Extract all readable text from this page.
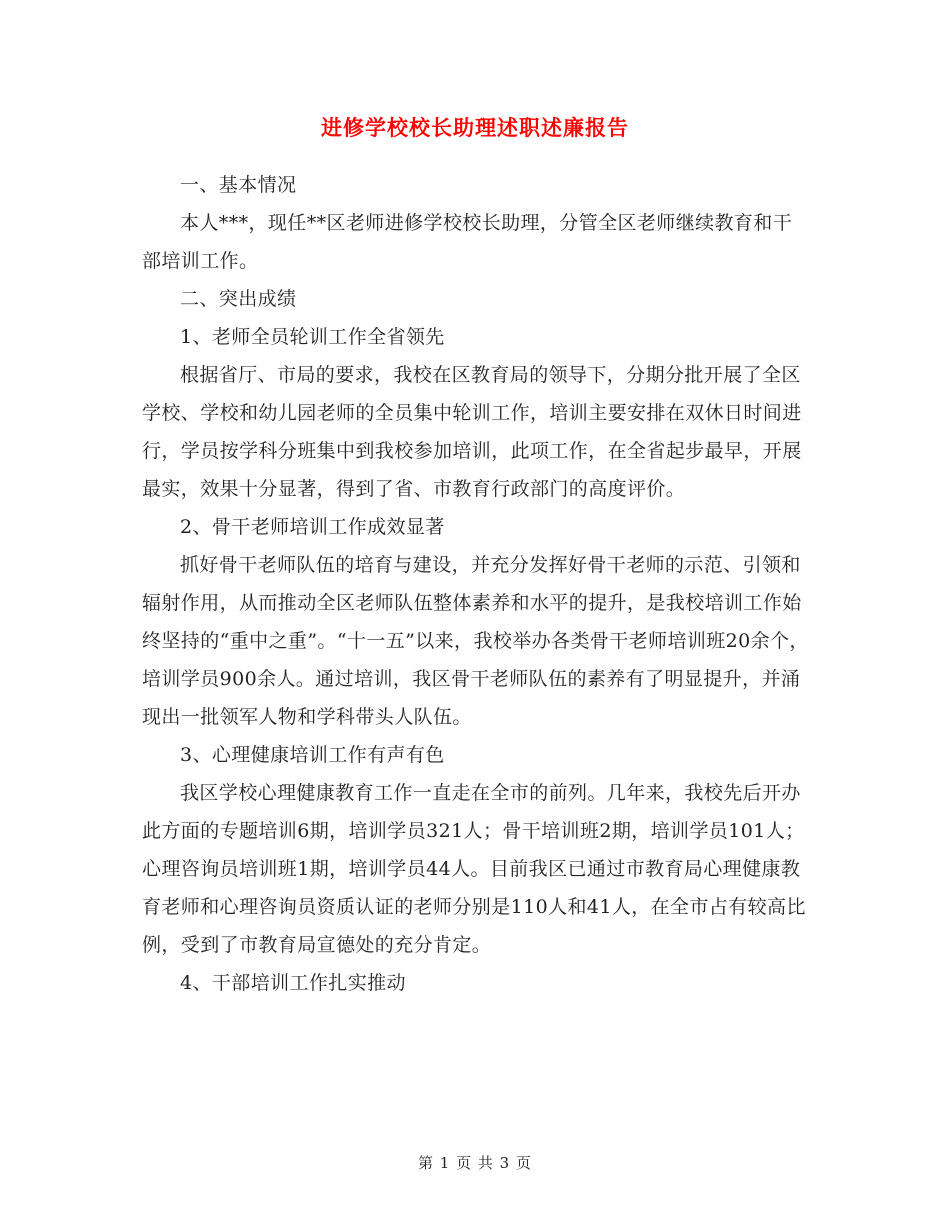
进修学校校长助理述职述廉报告

一、基本情况

本人***，现任**区老师进修学校校长助理，分管全区老师继续教育和干部培训工作。

二、突出成绩

1、老师全员轮训工作全省领先

根据省厅、市局的要求，我校在区教育局的领导下，分期分批开展了全区学校、学校和幼儿园老师的全员集中轮训工作，培训主要安排在双休日时间进行，学员按学科分班集中到我校参加培训，此项工作，在全省起步最早，开展最实，效果十分显著，得到了省、市教育行政部门的高度评价。

2、骨干老师培训工作成效显著

抓好骨干老师队伍的培育与建设，并充分发挥好骨干老师的示范、引领和辐射作用，从而推动全区老师队伍整体素养和水平的提升，是我校培训工作始终坚持的“重中之重”。“十一五”以来，我校举办各类骨干老师培训班20余个，培训学员900余人。通过培训，我区骨干老师队伍的素养有了明显提升，并涌现出一批领军人物和学科带头人队伍。

3、心理健康培训工作有声有色

我区学校心理健康教育工作一直走在全市的前列。几年来，我校先后开办此方面的专题培训6期，培训学员321人；骨干培训班2期，培训学员101人；心理咨询员培训班1期，培训学员44人。目前我区已通过市教育局心理健康教育老师和心理咨询员资质认证的老师分别是110人和41人，在全市占有较高比例，受到了市教育局宣德处的充分肯定。

4、干部培训工作扎实推动

第 1 页 共 3 页
